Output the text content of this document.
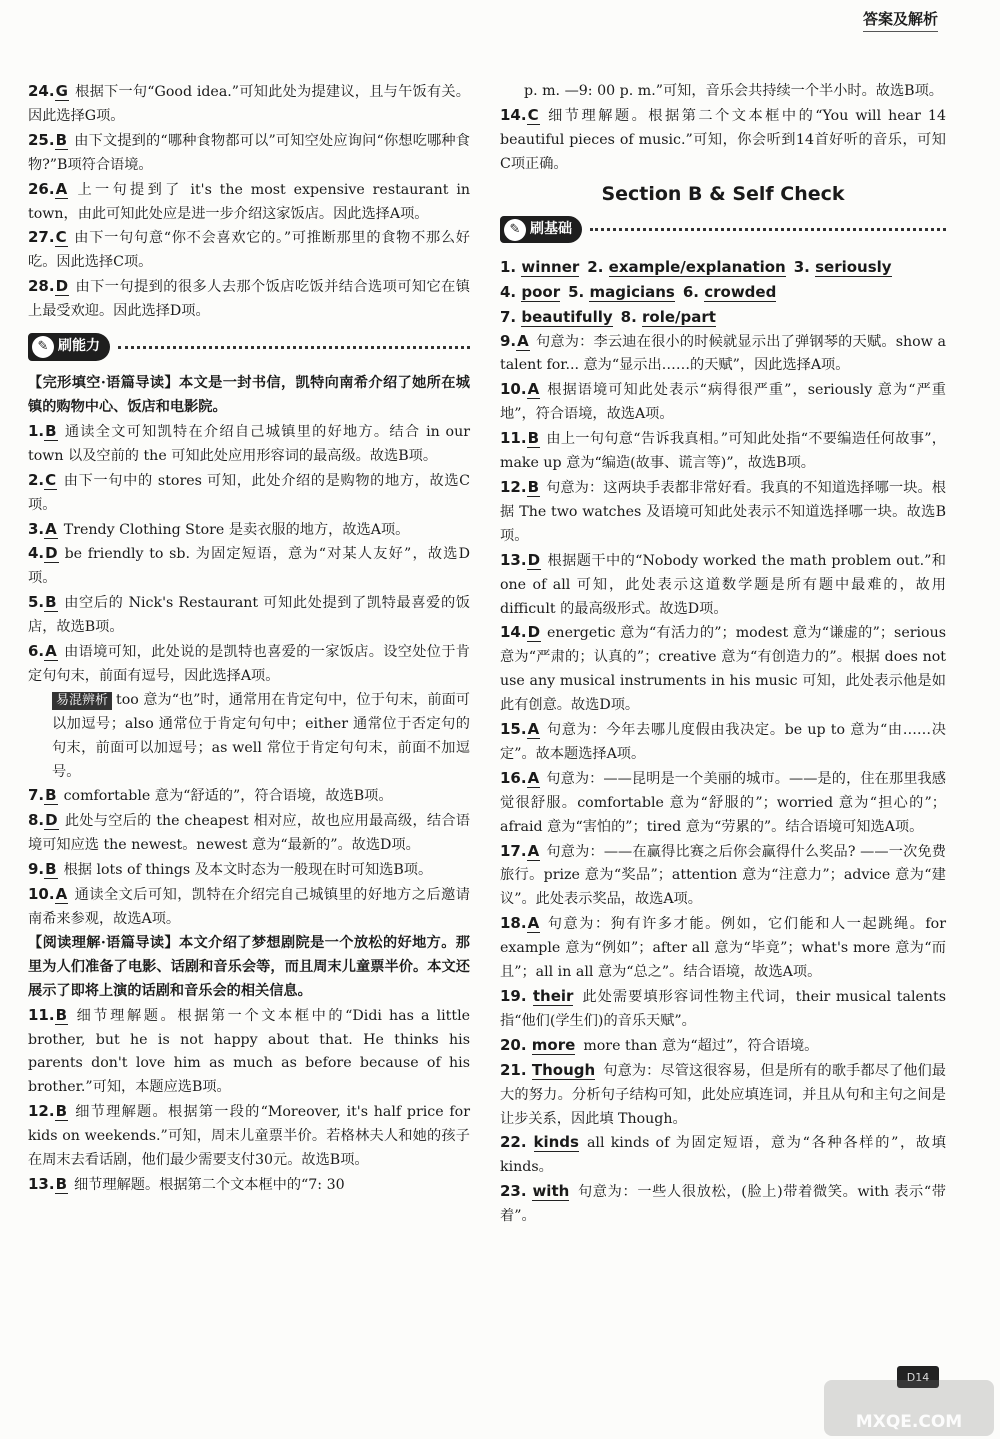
答案及解析

24.G 根据下一句“Good idea.”可知此处为提建议，且与午饭有关。因此选择G项。

25.B 由下文提到的“哪种食物都可以”可知空处应询问“你想吃哪种食物?”B项符合语境。

26.A 上一句提到了 it's the most expensive restaurant in town，由此可知此处应是进一步介绍这家饭店。因此选择A项。

27.C 由下一句句意“你不会喜欢它的。”可推断那里的食物不那么好吃。因此选择C项。

28.D 由下一句提到的很多人去那个饭店吃饭并结合选项可知它在镇上最受欢迎。因此选择D项。

✎ 刷能力

【完形填空·语篇导读】本文是一封书信，凯特向南希介绍了她所在城镇的购物中心、饭店和电影院。

1.B 通读全文可知凯特在介绍自己城镇里的好地方。结合 in our town 以及空前的 the 可知此处应用形容词的最高级。故选B项。

2.C 由下一句中的 stores 可知，此处介绍的是购物的地方，故选C项。

3.A Trendy Clothing Store 是卖衣服的地方，故选A项。

4.D be friendly to sb. 为固定短语，意为“对某人友好”，故选D项。

5.B 由空后的 Nick's Restaurant 可知此处提到了凯特最喜爱的饭店，故选B项。

6.A 由语境可知，此处说的是凯特也喜爱的一家饭店。设空处位于肯定句句末，前面有逗号，因此选择A项。

易混辨析 too 意为“也”时，通常用在肯定句中，位于句末，前面可以加逗号；also 通常位于肯定句句中；either 通常位于否定句的句末，前面可以加逗号；as well 常位于肯定句句末，前面不加逗号。

7.B comfortable 意为“舒适的”，符合语境，故选B项。

8.D 此处与空后的 the cheapest 相对应，故也应用最高级，结合语境可知应选 the newest。newest 意为“最新的”。故选D项。

9.B 根据 lots of things 及本文时态为一般现在时可知选B项。

10.A 通读全文后可知，凯特在介绍完自己城镇里的好地方之后邀请南希来参观，故选A项。

【阅读理解·语篇导读】本文介绍了梦想剧院是一个放松的好地方。那里为人们准备了电影、话剧和音乐会等，而且周末儿童票半价。本文还展示了即将上演的话剧和音乐会的相关信息。

11.B 细节理解题。根据第一个文本框中的“Didi has a little brother, but he is not happy about that. He thinks his parents don't love him as much as before because of his brother.”可知，本题应选B项。

12.B 细节理解题。根据第一段的“Moreover, it's half price for kids on weekends.”可知，周末儿童票半价。若格林夫人和她的孩子在周末去看话剧，他们最少需要支付30元。故选B项。

13.B 细节理解题。根据第二个文本框中的“7: 30

p. m. —9: 00 p. m.”可知，音乐会共持续一个半小时。故选B项。

14.C 细节理解题。根据第二个文本框中的“You will hear 14 beautiful pieces of music.”可知，你会听到14首好听的音乐，可知C项正确。

Section B & Self Check
✎ 刷基础

1. winner 2. example/explanation 3. seriously

4. poor 5. magicians 6. crowded

7. beautifully 8. role/part

9.A 句意为：李云迪在很小的时候就显示出了弹钢琴的天赋。show a talent for... 意为“显示出……的天赋”，因此选择A项。

10.A 根据语境可知此处表示“病得很严重”，seriously 意为“严重地”，符合语境，故选A项。

11.B 由上一句句意“告诉我真相。”可知此处指“不要编造任何故事”，make up 意为“编造(故事、谎言等)”，故选B项。

12.B 句意为：这两块手表都非常好看。我真的不知道选择哪一块。根据 The two watches 及语境可知此处表示不知道选择哪一块。故选B项。

13.D 根据题干中的“Nobody worked the math problem out.”和 one of all 可知，此处表示这道数学题是所有题中最难的，故用 difficult 的最高级形式。故选D项。

14.D energetic 意为“有活力的”；modest 意为“谦虚的”；serious 意为“严肃的；认真的”；creative 意为“有创造力的”。根据 does not use any musical instruments in his music 可知，此处表示他是如此有创意。故选D项。

15.A 句意为：今年去哪儿度假由我决定。be up to 意为“由……决定”。故本题选择A项。

16.A 句意为：——昆明是一个美丽的城市。——是的，住在那里我感觉很舒服。comfortable 意为“舒服的”；worried 意为“担心的”；afraid 意为“害怕的”；tired 意为“劳累的”。结合语境可知选A项。

17.A 句意为：——在赢得比赛之后你会赢得什么奖品? ——一次免费旅行。prize 意为“奖品”；attention 意为“注意力”；advice 意为“建议”。此处表示奖品，故选A项。

18.A 句意为：狗有许多才能。例如，它们能和人一起跳绳。for example 意为“例如”；after all 意为“毕竟”；what's more 意为“而且”；all in all 意为“总之”。结合语境，故选A项。

19. their 此处需要填形容词性物主代词，their musical talents 指“他们(学生们)的音乐天赋”。

20. more more than 意为“超过”，符合语境。

21. Though 句意为：尽管这很容易，但是所有的歌手都尽了他们最大的努力。分析句子结构可知，此处应填连词，并且从句和主句之间是让步关系，因此填 Though。

22. kinds all kinds of 为固定短语，意为“各种各样的”，故填 kinds。

23. with 句意为：一些人很放松，(脸上)带着微笑。with 表示“带着”。

D14
MXQE.COM
